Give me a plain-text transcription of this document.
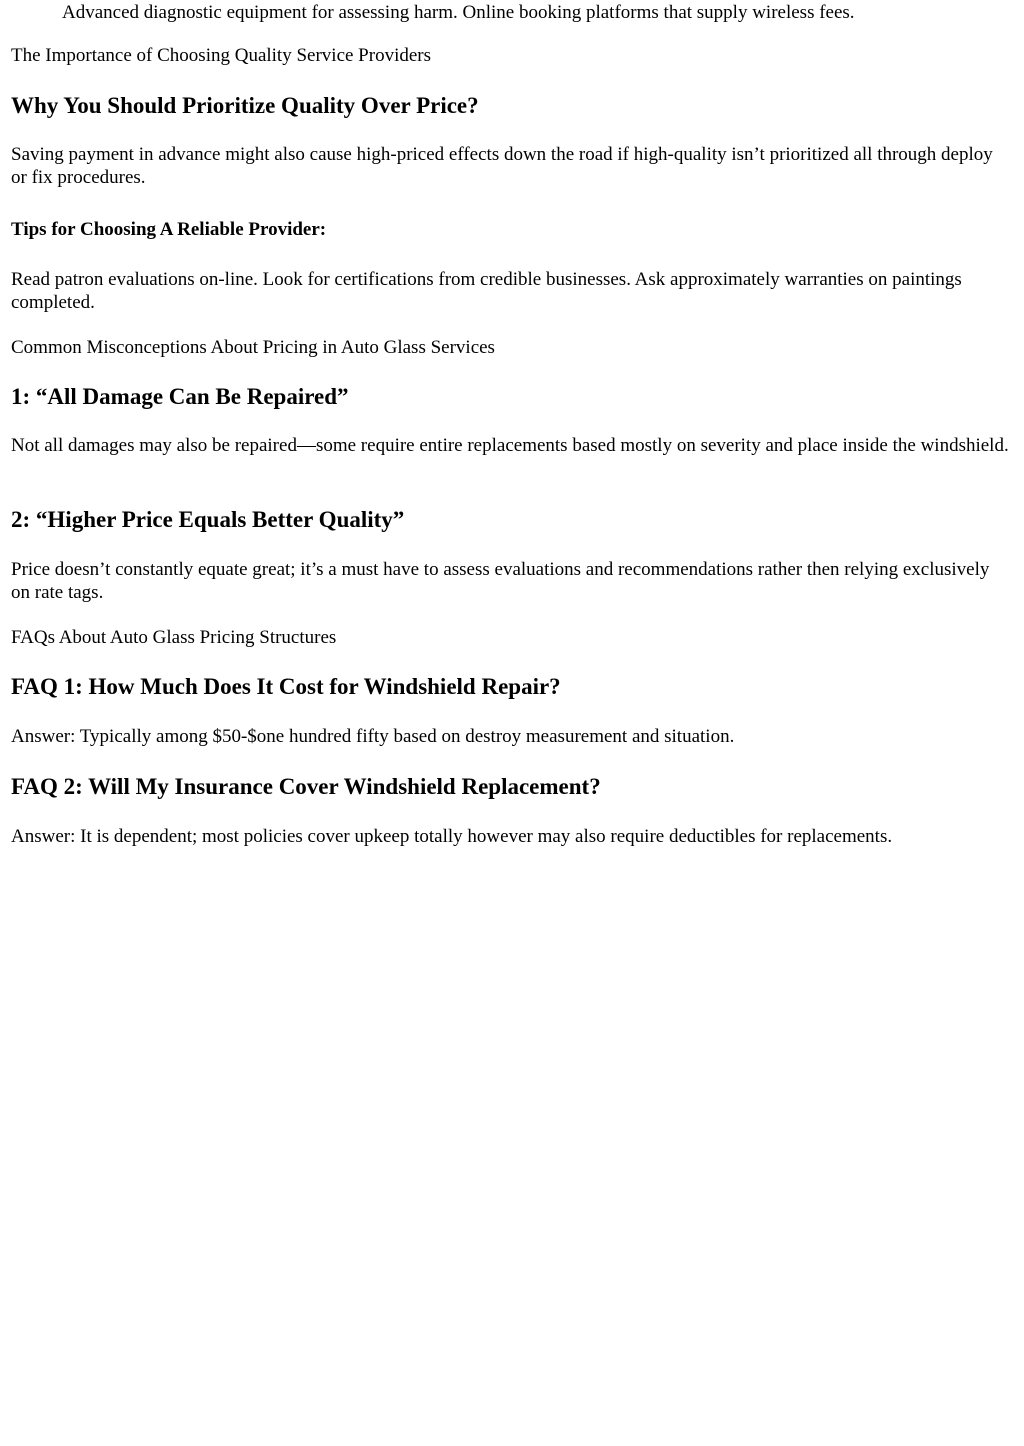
Advanced diagnostic equipment for assessing harm. Online booking platforms that supply wireless fees.

The Importance of Choosing Quality Service Providers

Why You Should Prioritize Quality Over Price?

Saving payment in advance might also cause high-priced effects down the road if high-quality isn’t prioritized all through deploy or fix procedures.

Tips for Choosing A Reliable Provider:

Read patron evaluations on-line. Look for certifications from credible businesses. Ask approximately warranties on paintings completed.

Common Misconceptions About Pricing in Auto Glass Services

1: “All Damage Can Be Repaired”

Not all damages may also be repaired—some require entire replacements based mostly on severity and place inside the windshield.

2: “Higher Price Equals Better Quality”

Price doesn’t constantly equate great; it’s a must have to assess evaluations and recommendations rather then relying exclusively on rate tags.

FAQs About Auto Glass Pricing Structures

FAQ 1: How Much Does It Cost for Windshield Repair?

Answer: Typically among $50-$one hundred fifty based on destroy measurement and situation.

FAQ 2: Will My Insurance Cover Windshield Replacement?

Answer: It is dependent; most policies cover upkeep totally however may also require deductibles for replacements.
